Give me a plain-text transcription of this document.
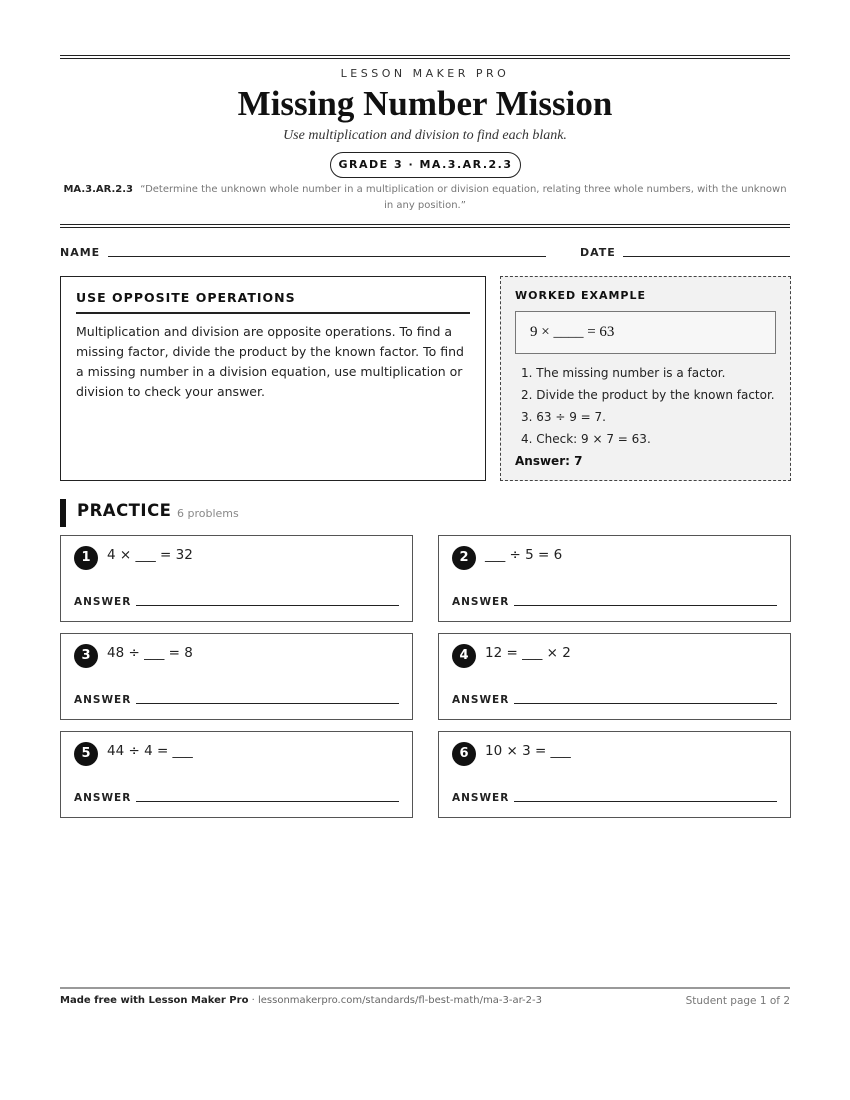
LESSON MAKER PRO
Missing Number Mission
Use multiplication and division to find each blank.
GRADE 3 · MA.3.AR.2.3
MA.3.AR.2.3 “Determine the unknown whole number in a multiplication or division equation, relating three whole numbers, with the unknown in any position.”
NAME	DATE
USE OPPOSITE OPERATIONS
Multiplication and division are opposite operations. To find a missing factor, divide the product by the known factor. To find a missing number in a division equation, use multiplication or division to check your answer.
WORKED EXAMPLE
9 × ____ = 63
1. The missing number is a factor.
2. Divide the product by the known factor.
3. 63 ÷ 9 = 7.
4. Check: 9 × 7 = 63.
Answer: 7
PRACTICE 6 problems
1	4 × ___ = 32
ANSWER
2	___ ÷ 5 = 6
ANSWER
3	48 ÷ ___ = 8
ANSWER
4	12 = ___ × 2
ANSWER
5	44 ÷ 4 = ___
ANSWER
6	10 × 3 = ___
ANSWER
Made free with Lesson Maker Pro · lessonmakerpro.com/standards/fl-best-math/ma-3-ar-2-3	Student page 1 of 2
